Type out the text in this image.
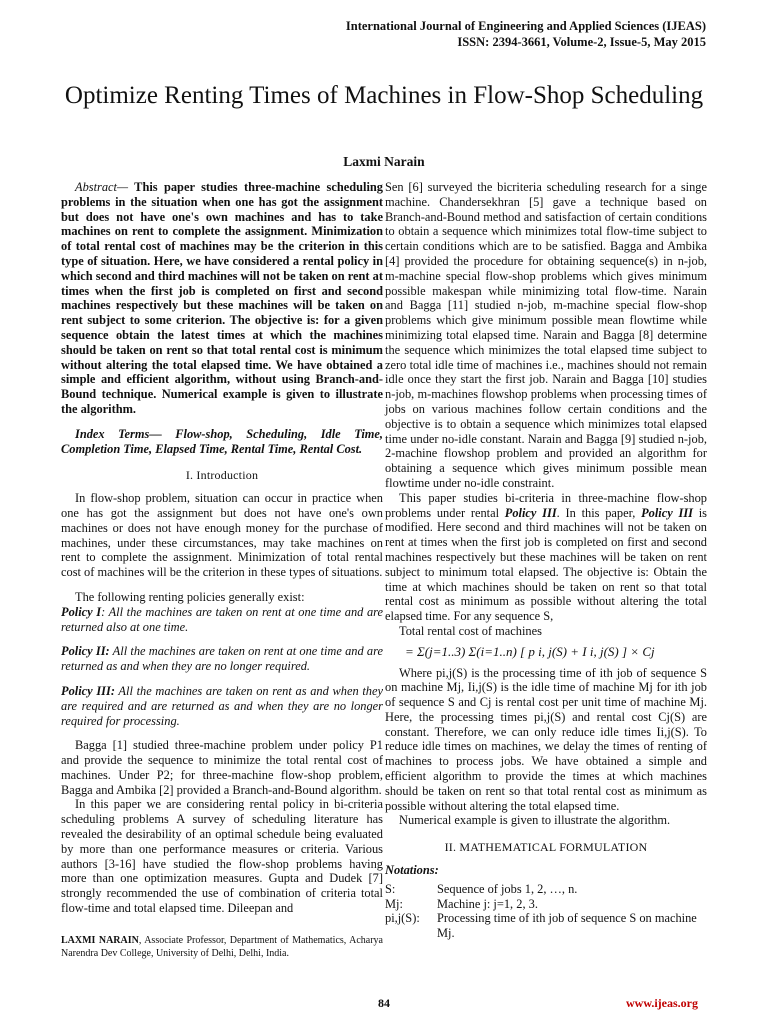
International Journal of Engineering and Applied Sciences (IJEAS)
ISSN: 2394-3661, Volume-2, Issue-5, May 2015
Optimize Renting Times of Machines in Flow-Shop Scheduling
Laxmi Narain

Abstract— This paper studies three-machine scheduling problems in the situation when one has got the assignment but does not have one's own machines and has to take machines on rent to complete the assignment. Minimization of total rental cost of machines may be the criterion in this type of situation. Here, we have considered a rental policy in which second and third machines will not be taken on rent at times when the first job is completed on first and second machines respectively but these machines will be taken on rent subject to some criterion. The objective is: for a given sequence obtain the latest times at which the machines should be taken on rent so that total rental cost is minimum without altering the total elapsed time. We have obtained a simple and efficient algorithm, without using Branch-and-Bound technique. Numerical example is given to illustrate the algorithm.

Index Terms— Flow-shop, Scheduling, Idle Time, Completion Time, Elapsed Time, Rental Time, Rental Cost.

I. Introduction

In flow-shop problem, situation can occur in practice when one has got the assignment but does not have one's own machines or does not have enough money for the purchase of machines, under these circumstances, may take machines on rent to complete the assignment. Minimization of total rental cost of machines will be the criterion in these types of situations.

The following renting policies generally exist:

Policy I: All the machines are taken on rent at one time and are returned also at one time.

Policy II: All the machines are taken on rent at one time and are returned as and when they are no longer required.

Policy III: All the machines are taken on rent as and when they are required and are returned as and when they are no longer required for processing.

Bagga [1] studied three-machine problem under policy P1 and provide the sequence to minimize the total rental cost of machines. Under P2; for three-machine flow-shop problem, Bagga and Ambika [2] provided a Branch-and-Bound algorithm.

In this paper we are considering rental policy in bi-criteria scheduling problems A survey of scheduling literature has revealed the desirability of an optimal schedule being evaluated by more than one performance measures or criteria. Various authors [3-16] have studied the flow-shop problems having more than one optimization measures. Gupta and Dudek [7] strongly recommended the use of combination of criteria total flow-time and total elapsed time. Dileepan and

LAXMI NARAIN, Associate Professor, Department of Mathematics, Acharya Narendra Dev College, University of Delhi, Delhi, India.

Sen [6] surveyed the bicriteria scheduling research for a singe machine. Chandersekhran [5] gave a technique based on Branch-and-Bound method and satisfaction of certain conditions to obtain a sequence which minimizes total flow-time subject to certain conditions which are to be satisfied. Bagga and Ambika [4] provided the procedure for obtaining sequence(s) in n-job, m-machine special flow-shop problems which gives minimum possible makespan while minimizing total flow-time. Narain and Bagga [11] studied n-job, m-machine special flow-shop problems which give minimum possible mean flowtime while minimizing total elapsed time. Narain and Bagga [8] determine the sequence which minimizes the total elapsed time subject to zero total idle time of machines i.e., machines should not remain idle once they start the first job. Narain and Bagga [10] studies n-job, m-machines flowshop problems when processing times of jobs on various machines follow certain conditions and the objective is to obtain a sequence which minimizes total elapsed time under no-idle constant. Narain and Bagga [9] studied n-job, 2-machine flowshop problem and provided an algorithm for obtaining a sequence which gives minimum possible mean flowtime under no-idle constraint.

This paper studies bi-criteria in three-machine flow-shop problems under rental Policy III. In this paper, Policy III is modified. Here second and third machines will not be taken on rent at times when the first job is completed on first and second machines respectively but these machines will be taken on rent subject to minimum total elapsed. The objective is: Obtain the time at which machines should be taken on rent so that total rental cost as minimum as possible without altering the total elapsed time. For any sequence S,

Total rental cost of machines

= Σ(j=1..3) Σ(i=1..n) [ p i, j(S) + I i, j(S) ] × Cj

Where pi,j(S) is the processing time of ith job of sequence S on machine Mj, Ii,j(S) is the idle time of machine Mj for ith job of sequence S and Cj is rental cost per unit time of machine Mj. Here, the processing times pi,j(S) and rental cost Cj(S) are constant. Therefore, we can only reduce idle times Ii,j(S). To reduce idle times on machines, we delay the times of renting of machines to process jobs. We have obtained a simple and efficient algorithm to provide the times at which machines should be taken on rent so that total rental cost as minimum as possible without altering the total elapsed time.

Numerical example is given to illustrate the algorithm.

II. MATHEMATICAL FORMULATION

Notations:

S:	Sequence of jobs 1, 2, …, n.
Mj:	Machine j: j=1, 2, 3.
pi,j(S):	Processing time of ith job of sequence S on machine Mj.
84	www.ijeas.org
